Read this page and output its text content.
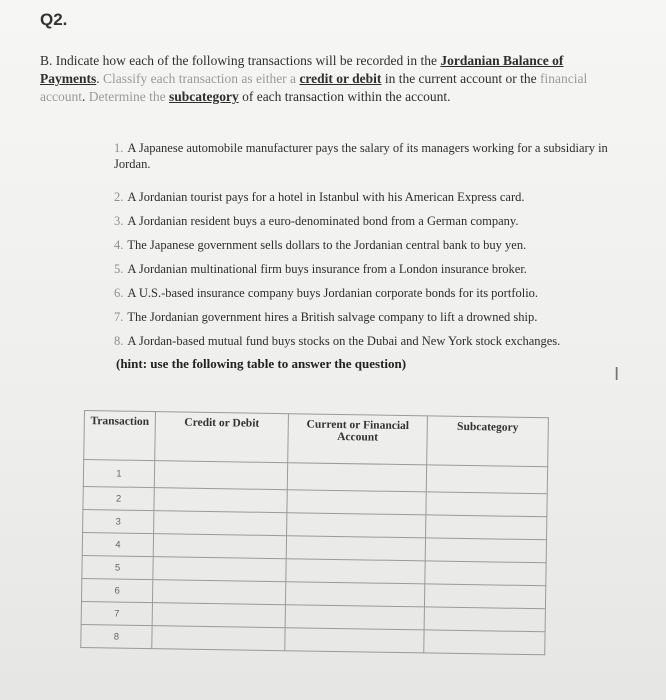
Q2.
B. Indicate how each of the following transactions will be recorded in the Jordanian Balance of Payments. Classify each transaction as either a credit or debit in the current account or the financial account. Determine the subcategory of each transaction within the account.
1. A Japanese automobile manufacturer pays the salary of its managers working for a subsidiary in Jordan.
2. A Jordanian tourist pays for a hotel in Istanbul with his American Express card.
3. A Jordanian resident buys a euro-denominated bond from a German company.
4. The Japanese government sells dollars to the Jordanian central bank to buy yen.
5. A Jordanian multinational firm buys insurance from a London insurance broker.
6. A U.S.-based insurance company buys Jordanian corporate bonds for its portfolio.
7. The Jordanian government hires a British salvage company to lift a drowned ship.
8. A Jordan-based mutual fund buys stocks on the Dubai and New York stock exchanges.
(hint: use the following table to answer the question)
I
Transaction	Credit or Debit	Current or Financial Account	Subcategory
1			
2			
3			
4			
5			
6			
7			
8			
